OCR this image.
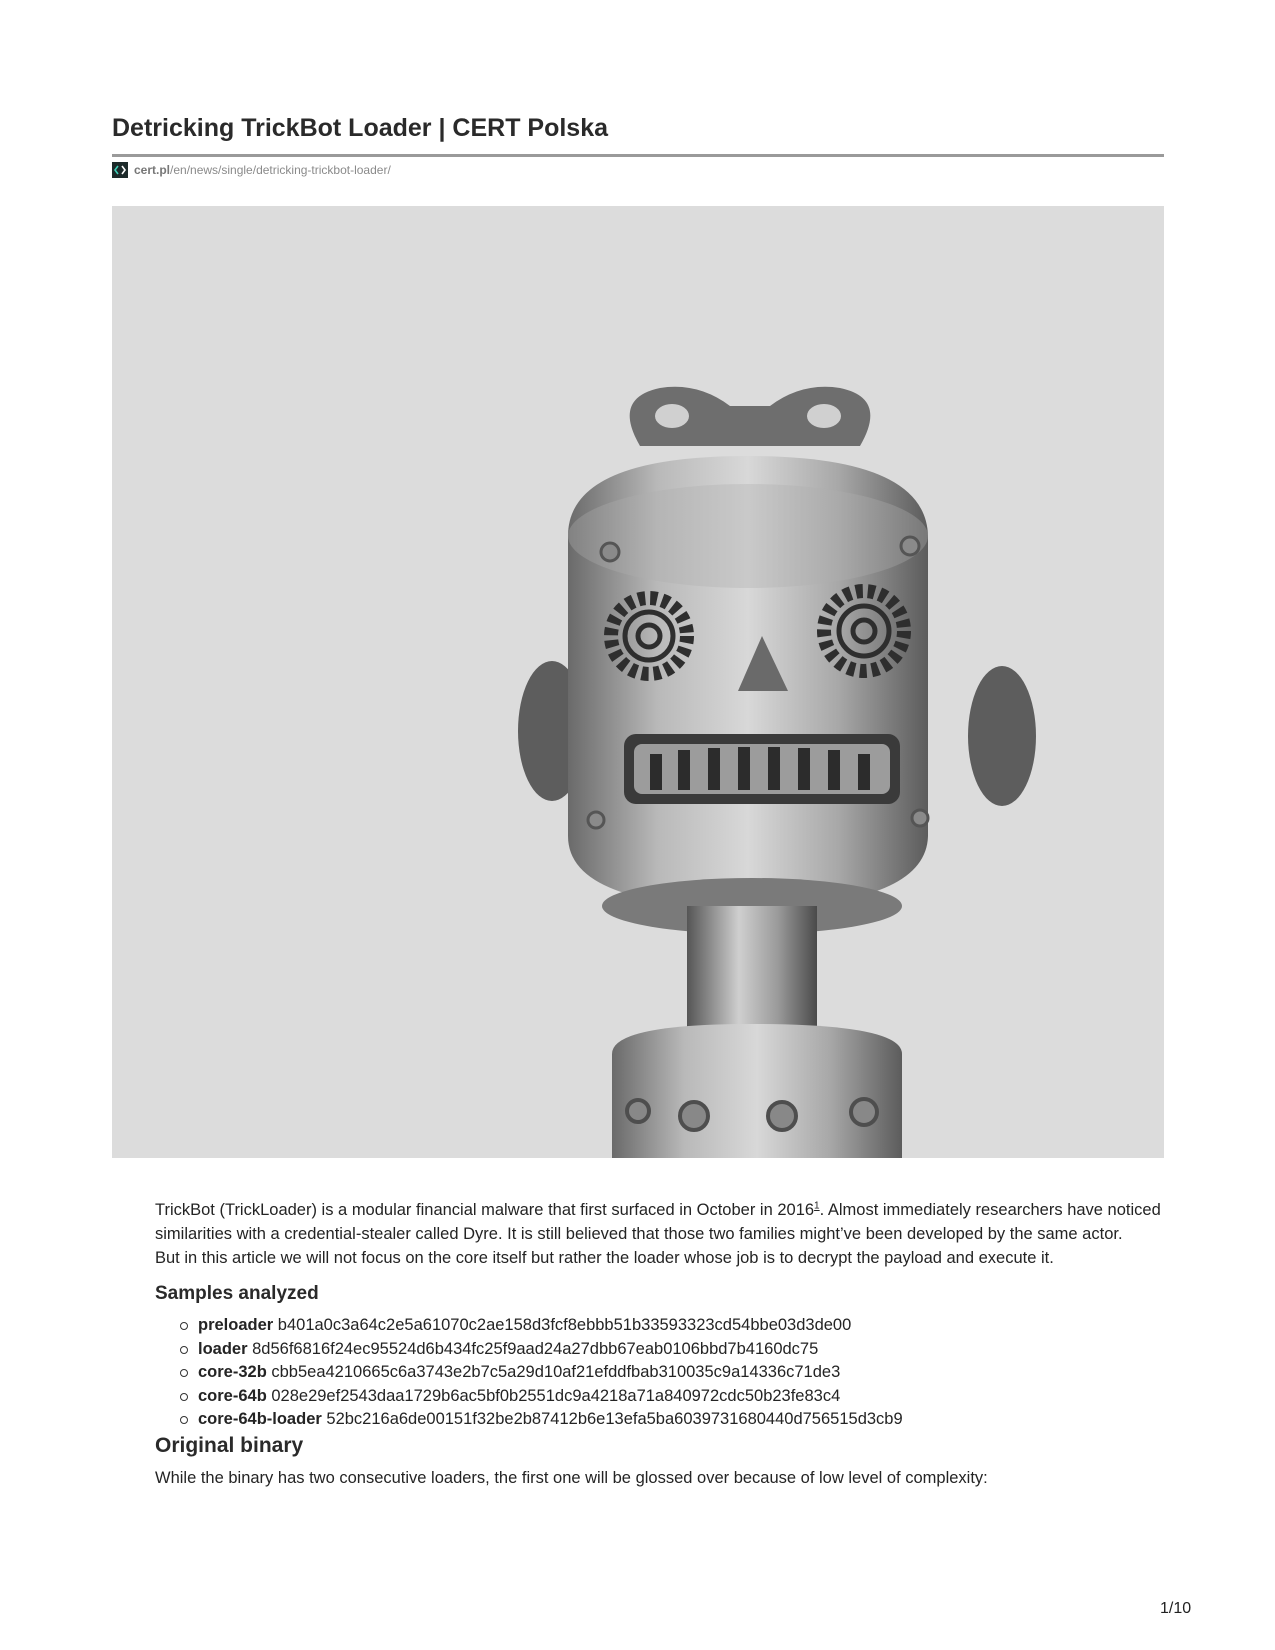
Detricking TrickBot Loader | CERT Polska
cert.pl /en/news/single/detricking-trickbot-loader/

TrickBot (TrickLoader) is a modular financial malware that first surfaced in October in 2016$^1$. Almost immediately researchers have noticed similarities with a credential-stealer called Dyre. It is still believed that those two families might’ve been developed by the same actor.

But in this article we will not focus on the core itself but rather the loader whose job is to decrypt the payload and execute it.

Samples analyzed
preloader b401a0c3a64c2e5a61070c2ae158d3fcf8ebbb51b33593323cd54bbe03d3de00
loader 8d56f6816f24ec95524d6b434fc25f9aad24a27dbb67eab0106bbd7b4160dc75
core-32b cbb5ea4210665c6a3743e2b7c5a29d10af21efddfbab310035c9a14336c71de3
core-64b 028e29ef2543daa1729b6ac5bf0b2551dc9a4218a71a840972cdc50b23fe83c4
core-64b-loader 52bc216a6de00151f32be2b87412b6e13efa5ba6039731680440d756515d3cb9
Original binary

While the binary has two consecutive loaders, the first one will be glossed over because of low level of complexity:

1/10
